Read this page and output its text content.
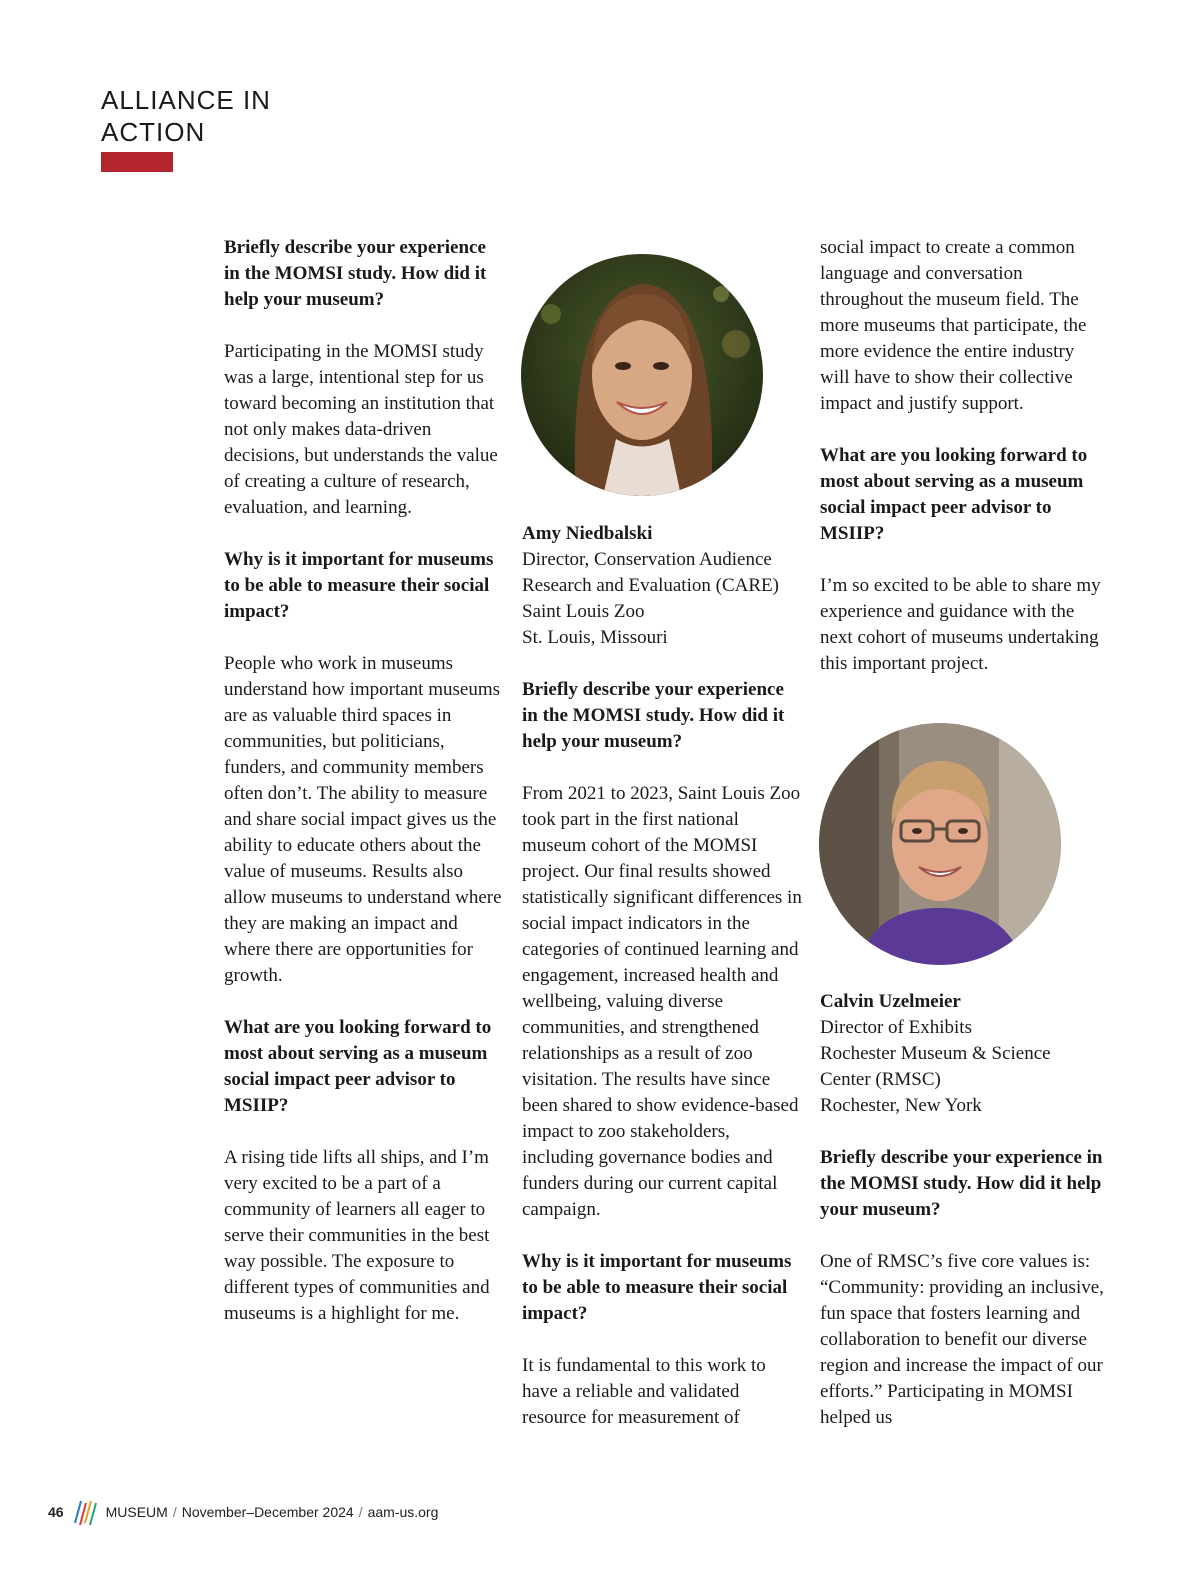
ALLIANCE IN
ACTION
Briefly describe your experience in the MOMSI study. How did it help your museum?
Participating in the MOMSI study was a large, intentional step for us toward becoming an institution that not only makes data-driven decisions, but understands the value of creating a culture of research, evaluation, and learning.
Why is it important for museums to be able to measure their social impact?
People who work in museums understand how important museums are as valuable third spaces in communities, but politicians, funders, and community members often don’t. The ability to measure and share social impact gives us the ability to educate others about the value of museums. Results also allow museums to understand where they are making an impact and where there are opportunities for growth.
What are you looking forward to most about serving as a museum social impact peer advisor to MSIIP?
A rising tide lifts all ships, and I’m very excited to be a part of a community of learners all eager to serve their communities in the best way possible. The exposure to different types of communities and museums is a highlight for me.
Amy Niedbalski
Director, Conservation Audience Research and Evaluation (CARE)
Saint Louis Zoo
St. Louis, Missouri
Briefly describe your experience in the MOMSI study. How did it help your museum?
From 2021 to 2023, Saint Louis Zoo took part in the first national museum cohort of the MOMSI project. Our final results showed statistically significant differences in social impact indicators in the categories of continued learning and engagement, increased health and wellbeing, valuing diverse communities, and strengthened relationships as a result of zoo visitation. The results have since been shared to show evidence-based impact to zoo stakeholders, including governance bodies and funders during our current capital campaign.
Why is it important for museums to be able to measure their social impact?
It is fundamental to this work to have a reliable and validated resource for measurement of
social impact to create a common language and conversation throughout the museum field. The more museums that participate, the more evidence the entire industry will have to show their collective impact and justify support.
What are you looking forward to most about serving as a museum social impact peer advisor to MSIIP?
I’m so excited to be able to share my experience and guidance with the next cohort of museums undertaking this important project.
Calvin Uzelmeier
Director of Exhibits
Rochester Museum & Science Center (RMSC)
Rochester, New York
Briefly describe your experience in the MOMSI study. How did it help your museum?
One of RMSC’s five core values is: “Community: providing an inclusive, fun space that fosters learning and collaboration to benefit our diverse region and increase the impact of our efforts.” Participating in MOMSI helped us
46	MUSEUM / November–December 2024 / aam-us.org
